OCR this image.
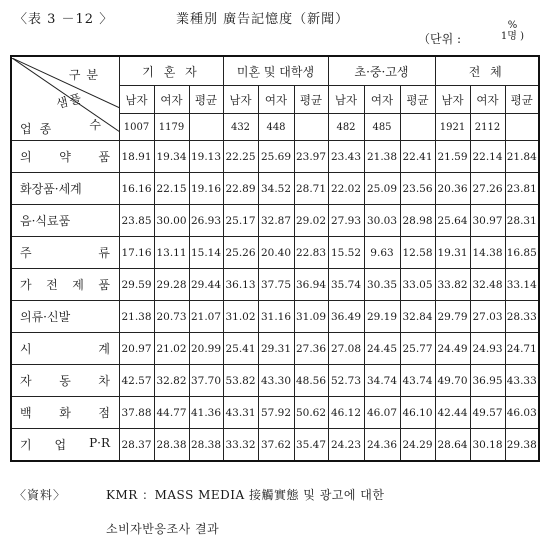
〈表 3 －12 〉	業種別 廣告記憶度（新聞）
（단위 :
%
1명 )
구분
샘플
수
업종	기 혼 자			미혼 및 대학생			초·중·고생			전 체		
	남자	여자	평균	남자	여자	평균	남자	여자	평균	남자	여자	평균
	1007	1179		432	448		482	485		1921	2112	

의 약 품	18.91	19.34	19.13	22.25	25.69	23.97	23.43	21.38	22.41	21.59	22.14	21.84

화장품·세계	16.16	22.15	19.16	22.89	34.52	28.71	22.02	25.09	23.56	20.36	27.26	23.81

음·식료품	23.85	30.00	26.93	25.17	32.87	29.02	27.93	30.03	28.98	25.64	30.97	28.31

주 류	17.16	13.11	15.14	25.26	20.40	22.83	15.52	9.63	12.58	19.31	14.38	16.85

가 전 제 품	29.59	29.28	29.44	36.13	37.75	36.94	35.74	30.35	33.05	33.82	32.48	33.14

의류·신발	21.38	20.73	21.07	31.02	31.16	31.09	36.49	29.19	32.84	29.79	27.03	28.33

시 계	20.97	21.02	20.99	25.41	29.31	27.36	27.08	24.45	25.77	24.49	24.93	24.71

자 동 차	42.57	32.82	37.70	53.82	43.30	48.56	52.73	34.74	43.74	49.70	36.95	43.33

백 화 점	37.88	44.77	41.36	43.31	57.92	50.62	46.12	46.07	46.10	42.44	49.57	46.03

기 업 P·R	28.37	28.38	28.38	33.32	37.62	35.47	24.23	24.36	24.29	28.64	30.18	29.38
〈資料〉	KMR ：MASS MEDIA 接觸實態 및 광고에 대한
소비자반응조사 결과
